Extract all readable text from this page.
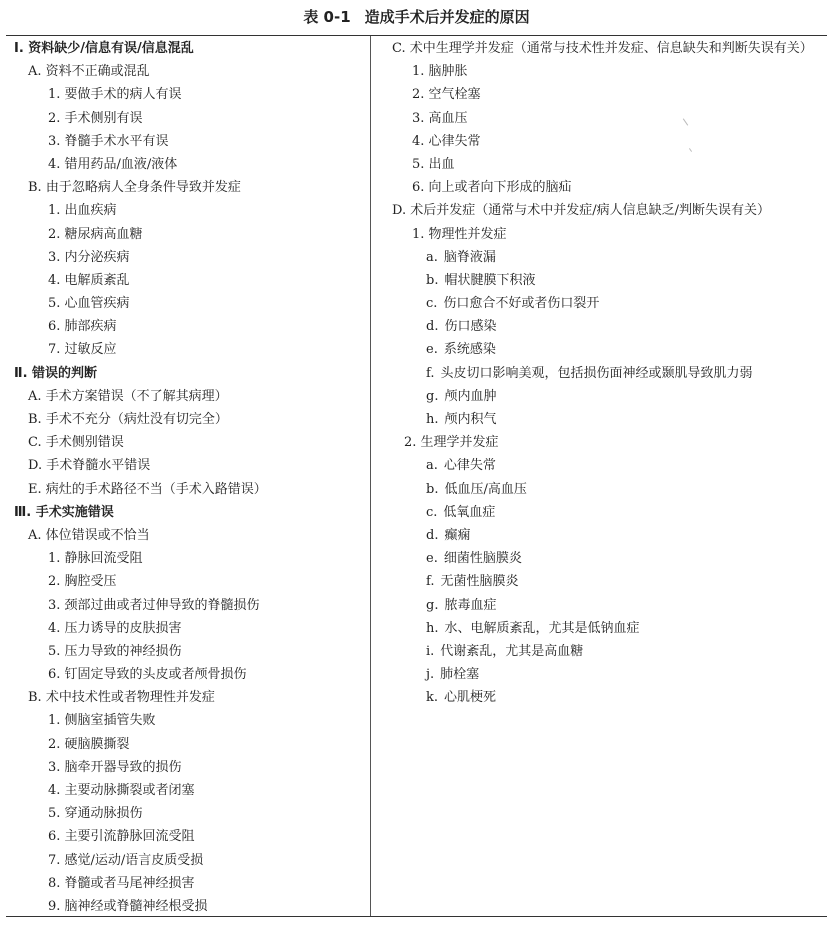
表 0-1 造成手术后并发症的原因
Ⅰ. 资料缺少/信息有误/信息混乱
A. 资料不正确或混乱
1. 要做手术的病人有误
2. 手术侧别有误
3. 脊髓手术水平有误
4. 错用药品/血液/液体
B. 由于忽略病人全身条件导致并发症
1. 出血疾病
2. 糖尿病高血糖
3. 内分泌疾病
4. 电解质紊乱
5. 心血管疾病
6. 肺部疾病
7. 过敏反应
Ⅱ. 错误的判断
A. 手术方案错误（不了解其病理）
B. 手术不充分（病灶没有切完全）
C. 手术侧别错误
D. 手术脊髓水平错误
E. 病灶的手术路径不当（手术入路错误）
Ⅲ. 手术实施错误
A. 体位错误或不恰当
1. 静脉回流受阻
2. 胸腔受压
3. 颈部过曲或者过伸导致的脊髓损伤
4. 压力诱导的皮肤损害
5. 压力导致的神经损伤
6. 钉固定导致的头皮或者颅骨损伤
B. 术中技术性或者物理性并发症
1. 侧脑室插管失败
2. 硬脑膜撕裂
3. 脑牵开器导致的损伤
4. 主要动脉撕裂或者闭塞
5. 穿通动脉损伤
6. 主要引流静脉回流受阻
7. 感觉/运动/语言皮质受损
8. 脊髓或者马尾神经损害
9. 脑神经或脊髓神经根受损
C. 术中生理学并发症（通常与技术性并发症、信息缺失和判断失误有关）
1. 脑肿胀
2. 空气栓塞
3. 高血压
4. 心律失常
5. 出血
6. 向上或者向下形成的脑疝
D. 术后并发症（通常与术中并发症/病人信息缺乏/判断失误有关）
1. 物理性并发症
a. 脑脊液漏
b. 帽状腱膜下积液
c. 伤口愈合不好或者伤口裂开
d. 伤口感染
e. 系统感染
f. 头皮切口影响美观，包括损伤面神经或颞肌导致肌力弱
g. 颅内血肿
h. 颅内积气
2. 生理学并发症
a. 心律失常
b. 低血压/高血压
c. 低氧血症
d. 癫痫
e. 细菌性脑膜炎
f. 无菌性脑膜炎
g. 脓毒血症
h. 水、电解质紊乱，尤其是低钠血症
i. 代谢紊乱，尤其是高血糖
j. 肺栓塞
k. 心肌梗死
